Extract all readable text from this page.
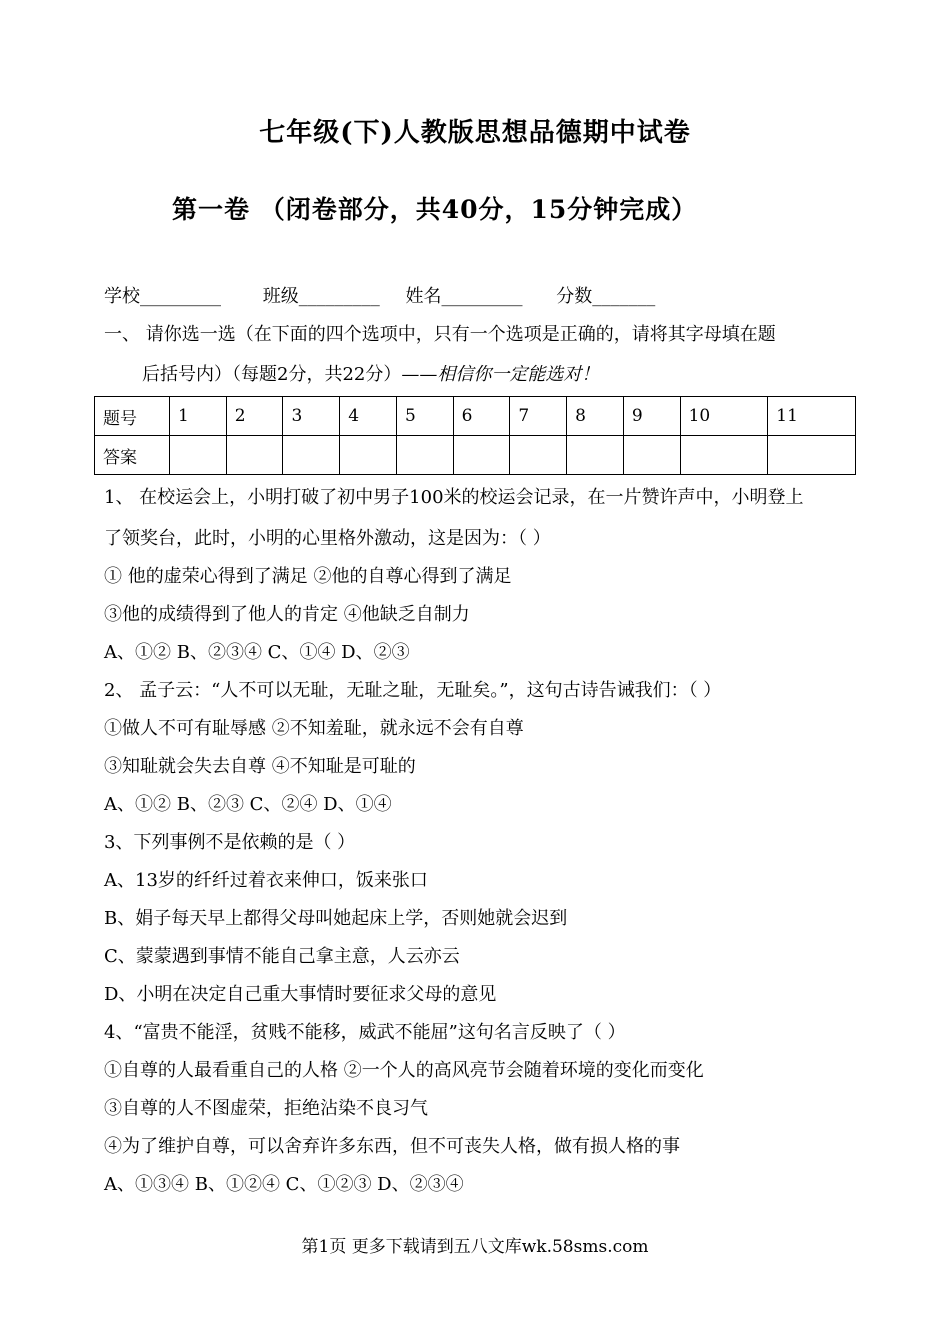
七年级(下)人教版思想品德期中试卷
第一卷 （闭卷部分，共40分，15分钟完成）
学校_________ 班级_________ 姓名_________ 分数_______
一、 请你选一选（在下面的四个选项中，只有一个选项是正确的，请将其字母填在题
后括号内）（每题2分，共22分）——相信你一定能选对！
题号	1	2	3	4	5	6	7	8	9	10	11
答案											
1、 在校运会上，小明打破了初中男子100米的校运会记录，在一片赞许声中，小明登上
了领奖台，此时，小明的心里格外激动，这是因为：（ ）
① 他的虚荣心得到了满足 ②他的自尊心得到了满足
③他的成绩得到了他人的肯定 ④他缺乏自制力
A、①② B、②③④ C、①④ D、②③
2、 孟子云：“人不可以无耻，无耻之耻，无耻矣。”，这句古诗告诫我们：（ ）
①做人不可有耻辱感 ②不知羞耻，就永远不会有自尊
③知耻就会失去自尊 ④不知耻是可耻的
A、①② B、②③ C、②④ D、①④
3、下列事例不是依赖的是（ ）
A、13岁的纤纤过着衣来伸口，饭来张口
B、娟子每天早上都得父母叫她起床上学，否则她就会迟到
C、蒙蒙遇到事情不能自己拿主意，人云亦云
D、小明在决定自己重大事情时要征求父母的意见
4、“富贵不能淫，贫贱不能移，威武不能屈”这句名言反映了（ ）
①自尊的人最看重自己的人格 ②一个人的高风亮节会随着环境的变化而变化
③自尊的人不图虚荣，拒绝沾染不良习气
④为了维护自尊，可以舍弃许多东西，但不可丧失人格，做有损人格的事
A、①③④ B、①②④ C、①②③ D、②③④
第1页 更多下载请到五八文库wk.58sms.com
